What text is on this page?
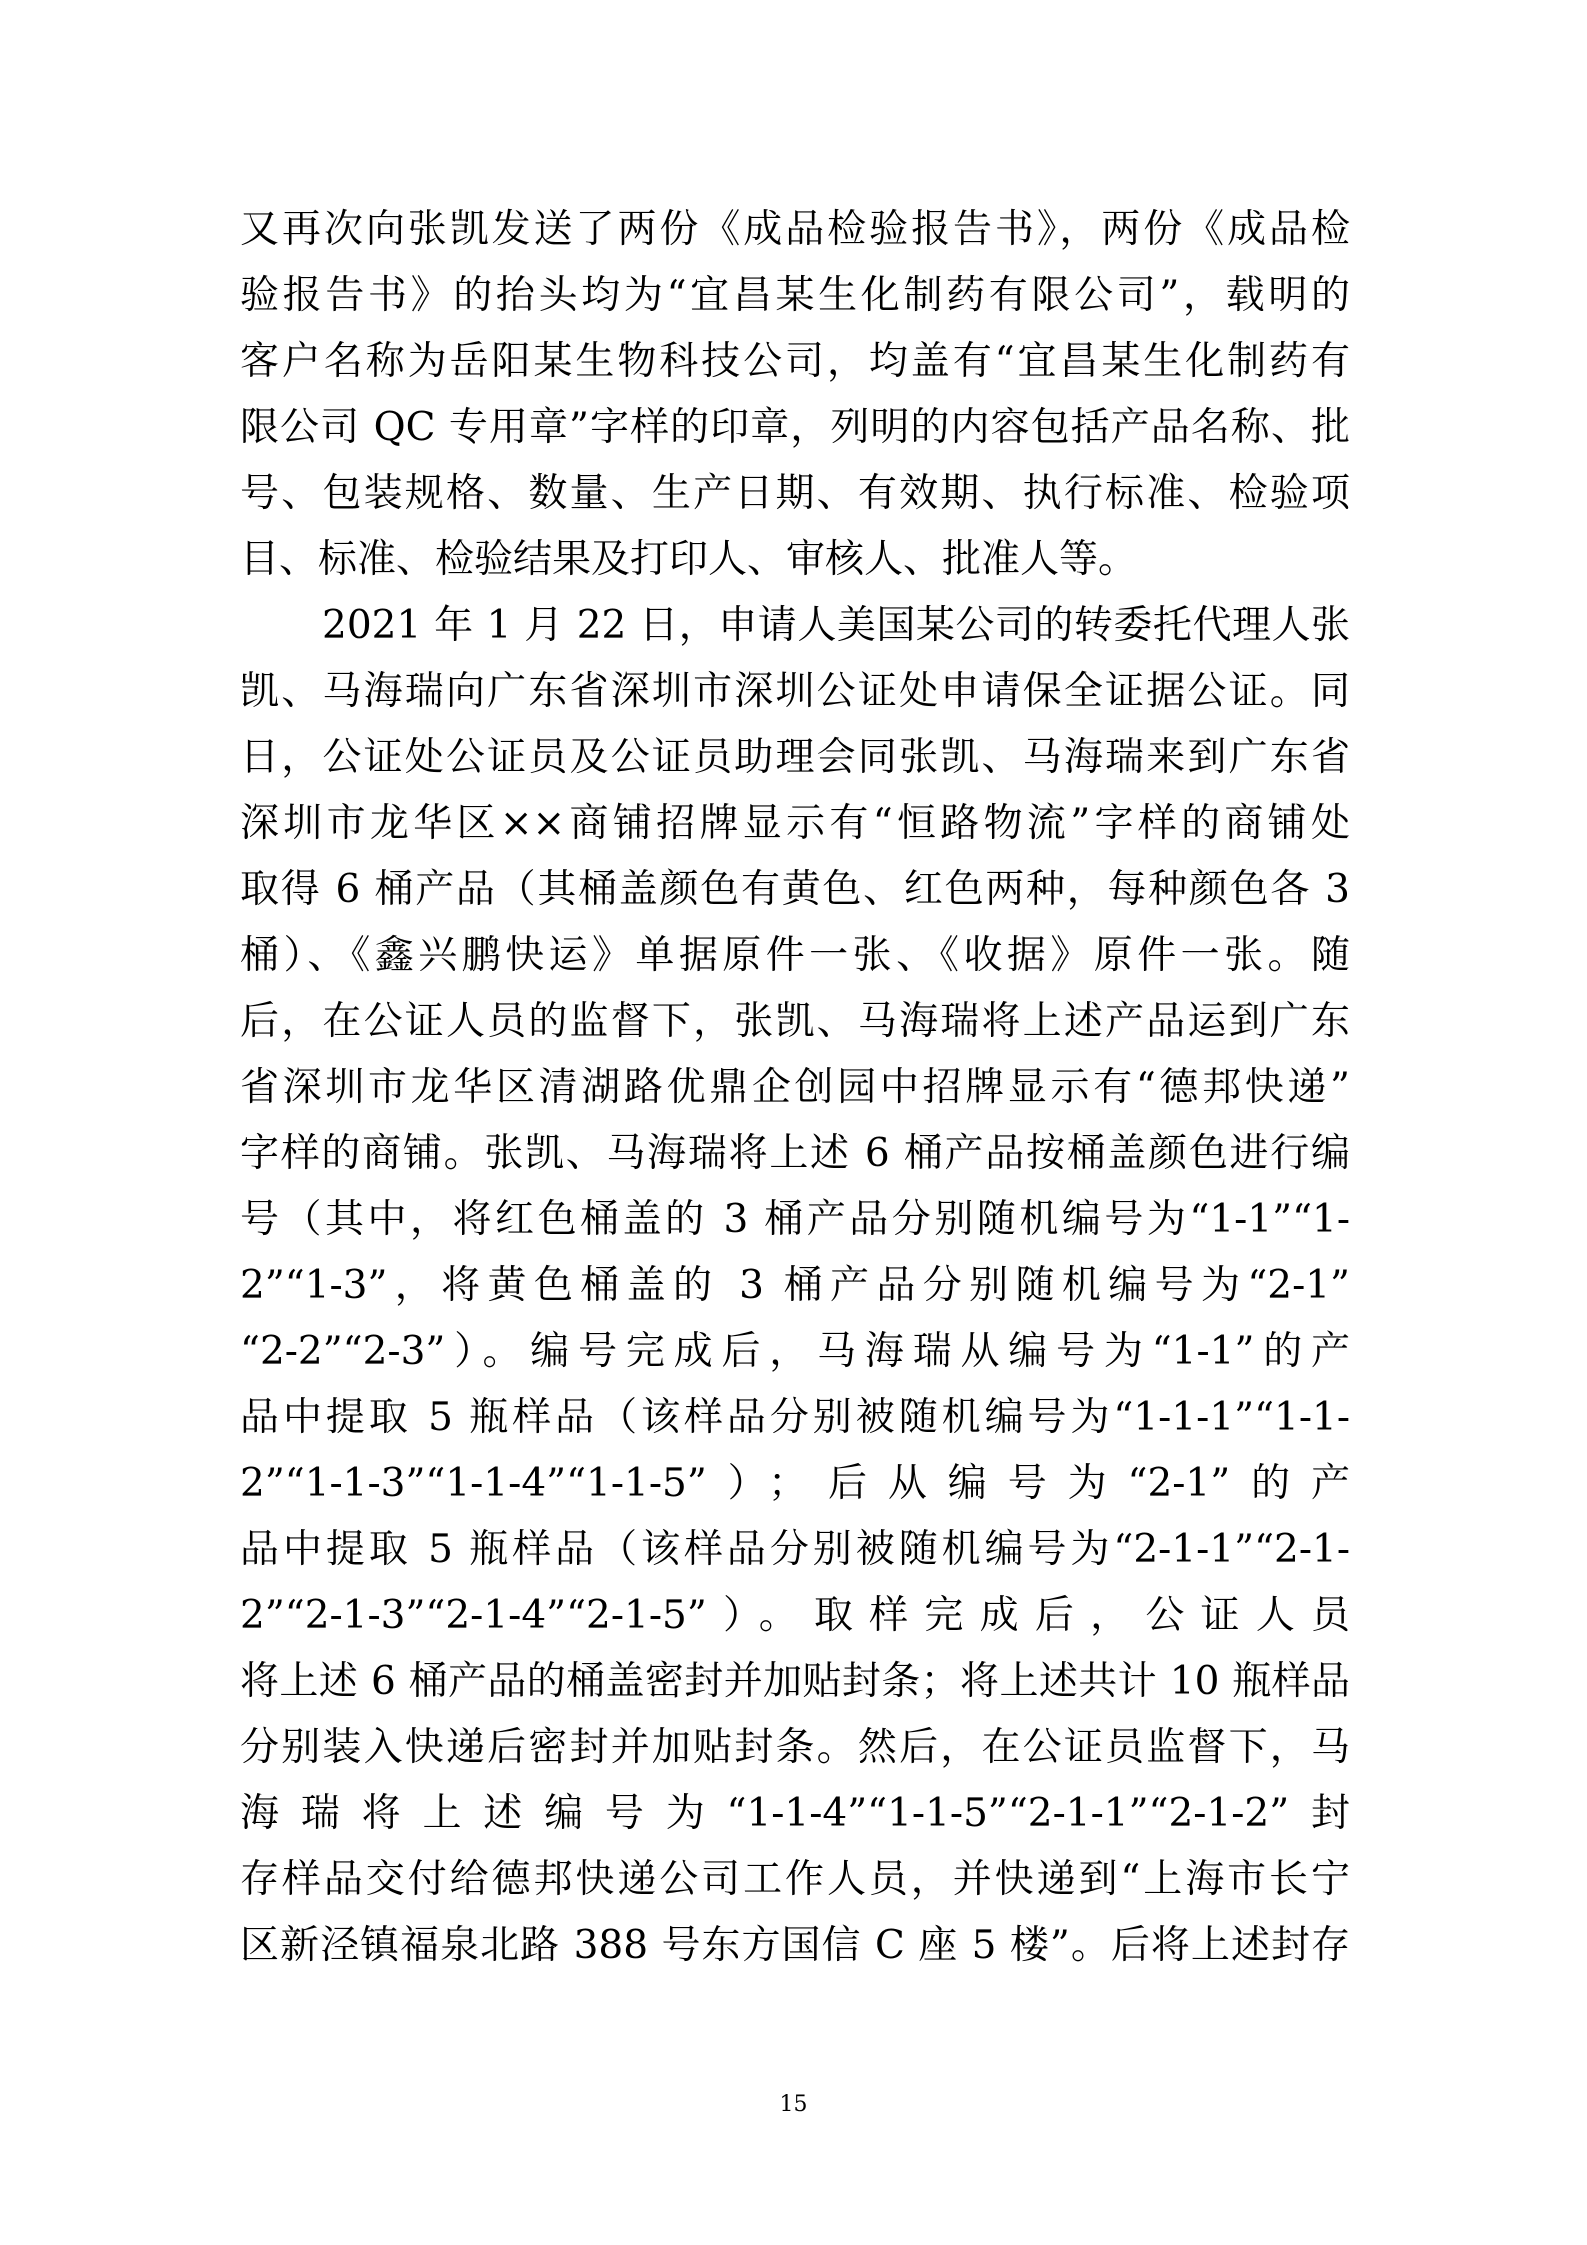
又再次向张凯发送了两份《成品检验报告书》，两份《成品检
验报告书》的抬头均为“宜昌某生化制药有限公司”，载明的
客户名称为岳阳某生物科技公司，均盖有“宜昌某生化制药有
限公司 QC 专用章”字样的印章，列明的内容包括产品名称、批
号、包装规格、数量、生产日期、有效期、执行标准、检验项
目、标准、检验结果及打印人、审核人、批准人等。
2021 年 1 月 22 日，申请人美国某公司的转委托代理人张
凯、马海瑞向广东省深圳市深圳公证处申请保全证据公证。同
日，公证处公证员及公证员助理会同张凯、马海瑞来到广东省
深圳市龙华区××商铺招牌显示有“恒路物流”字样的商铺处
取得 6 桶产品（其桶盖颜色有黄色、红色两种，每种颜色各 3
桶）、《鑫兴鹏快运》单据原件一张、《收据》原件一张。随
后，在公证人员的监督下，张凯、马海瑞将上述产品运到广东
省深圳市龙华区清湖路优鼎企创园中招牌显示有“德邦快递”
字样的商铺。张凯、马海瑞将上述 6 桶产品按桶盖颜色进行编
号（其中，将红色桶盖的 3 桶产品分别随机编号为“1-1”“1-
2”“1-3”，将黄色桶盖的 3 桶产品分别随机编号为“2-1”
“2-2”“2-3”）。编号完成后，马海瑞从编号为“1-1”的产
品中提取 5 瓶样品（该样品分别被随机编号为“1-1-1”“1-1-
2”“1-1-3”“1-1-4”“1-1-5”）；后从编号为“2-1”的产
品中提取 5 瓶样品（该样品分别被随机编号为“2-1-1”“2-1-
2”“2-1-3”“2-1-4”“2-1-5”）。取样完成后，公证人员
将上述 6 桶产品的桶盖密封并加贴封条；将上述共计 10 瓶样品
分别装入快递后密封并加贴封条。然后，在公证员监督下，马
海瑞将上述编号为“1-1-4”“1-1-5”“2-1-1”“2-1-2”封
存样品交付给德邦快递公司工作人员，并快递到“上海市长宁
区新泾镇福泉北路 388 号东方国信 C 座 5 楼”。后将上述封存
15
